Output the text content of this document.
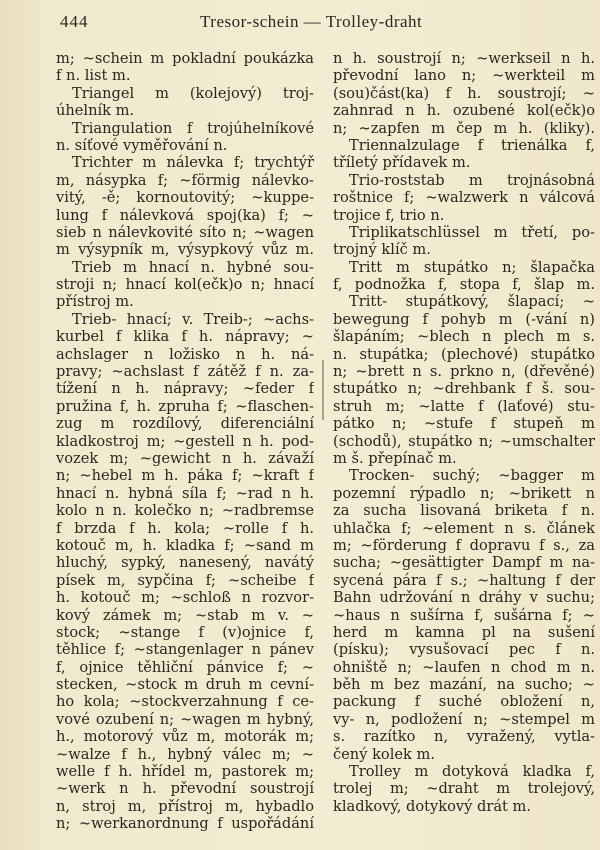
444	Tresor-schein — Trolley-draht
m; ~schein m pokladní poukázka
f n. list m.
Triangel m (kolejový) troj-
úhelník m.
Triangulation f trojúhelníkové
n. síťové vyměřování n.
Trichter m nálevka f; trychtýř
m, násypka f; ~förmig nálevko-
vitý, -ě; kornoutovitý; ~kuppe-
lung f nálevková spoj(ka) f; ~
sieb n nálevkovité síto n; ~wagen
m výsypník m, výsypkový vůz m.
Trieb m hnací n. hybné sou-
stroji n; hnací kol(ečk)o n; hnací
přístroj m.
Trieb- hnací; v. Treib-; ~achs-
kurbel f klika f h. nápravy; ~
achslager n ložisko n h. ná-
pravy; ~achslast f zátěž f n. za-
tížení n h. nápravy; ~feder f
pružina f, h. zpruha f; ~flaschen-
zug m rozdílový, diferenciální
kladkostroj m; ~gestell n h. pod-
vozek m; ~gewicht n h. závaží
n; ~hebel m h. páka f; ~kraft f
hnací n. hybná síla f; ~rad n h.
kolo n n. kolečko n; ~radbremse
f brzda f h. kola; ~rolle f h.
kotouč m, h. kladka f; ~sand m
hluchý, sypký, nanesený, navátý
písek m, sypčina f; ~scheibe f
h. kotouč m; ~schloß n rozvor-
kový zámek m; ~stab m v. ~
stock; ~stange f (v)ojnice f,
těhlice f; ~stangenlager n pánev
f, ojnice těhliční pánvice f; ~
stecken, ~stock m druh m cevní-
ho kola; ~stockverzahnung f ce-
vové ozubení n; ~wagen m hybný,
h., motorový vůz m, motorák m;
~walze f h., hybný válec m; ~
welle f h. hřídel m, pastorek m;
~werk n h. převodní soustrojí
n, stroj m, přístroj m, hybadlo
n; ~werkanordnung f uspořádání
n h. soustrojí n; ~werkseil n h.
převodní lano n; ~werkteil m
(sou)část(ka) f h. soustrojí; ~
zahnrad n h. ozubené kol(ečk)o
n; ~zapfen m čep m h. (kliky).
Triennalzulage f trienálka f,
tříletý přídavek m.
Trio-roststab m trojnásobná
roštnice f; ~walzwerk n válcová
trojice f, trio n.
Triplikatschlüssel m třetí, po-
trojný klíč m.
Tritt m stupátko n; šlapačka
f, podnožka f, stopa f, šlap m.
Tritt- stupátkový, šlapací; ~
bewegung f pohyb m (-vání n)
šlapáním; ~blech n plech m s.
n. stupátka; (plechové) stupátko
n; ~brett n s. prkno n, (dřevěné)
stupátko n; ~drehbank f š. sou-
struh m; ~latte f (laťové) stu-
pátko n; ~stufe f stupeň m
(schodů), stupátko n; ~umschalter
m š. přepínač m.
Trocken- suchý; ~bagger m
pozemní rýpadlo n; ~brikett n
za sucha lisovaná briketa f n.
uhlačka f; ~element n s. článek
m; ~förderung f dopravu f s., za
sucha; ~gesättigter Dampf m na-
sycená pára f s.; ~haltung f der
Bahn udržování n dráhy v suchu;
~haus n sušírna f, sušárna f; ~
herd m kamna pl na sušení
(písku); vysušovací pec f n.
ohniště n; ~laufen n chod m n.
běh m bez mazání, na sucho; ~
packung f suché obložení n,
vy- n, podložení n; ~stempel m
s. razítko n, vyražený, vytla-
čený kolek m.
Trolley m dotyková kladka f,
trolej m; ~draht m trolejový,
kladkový, dotykový drát m.
